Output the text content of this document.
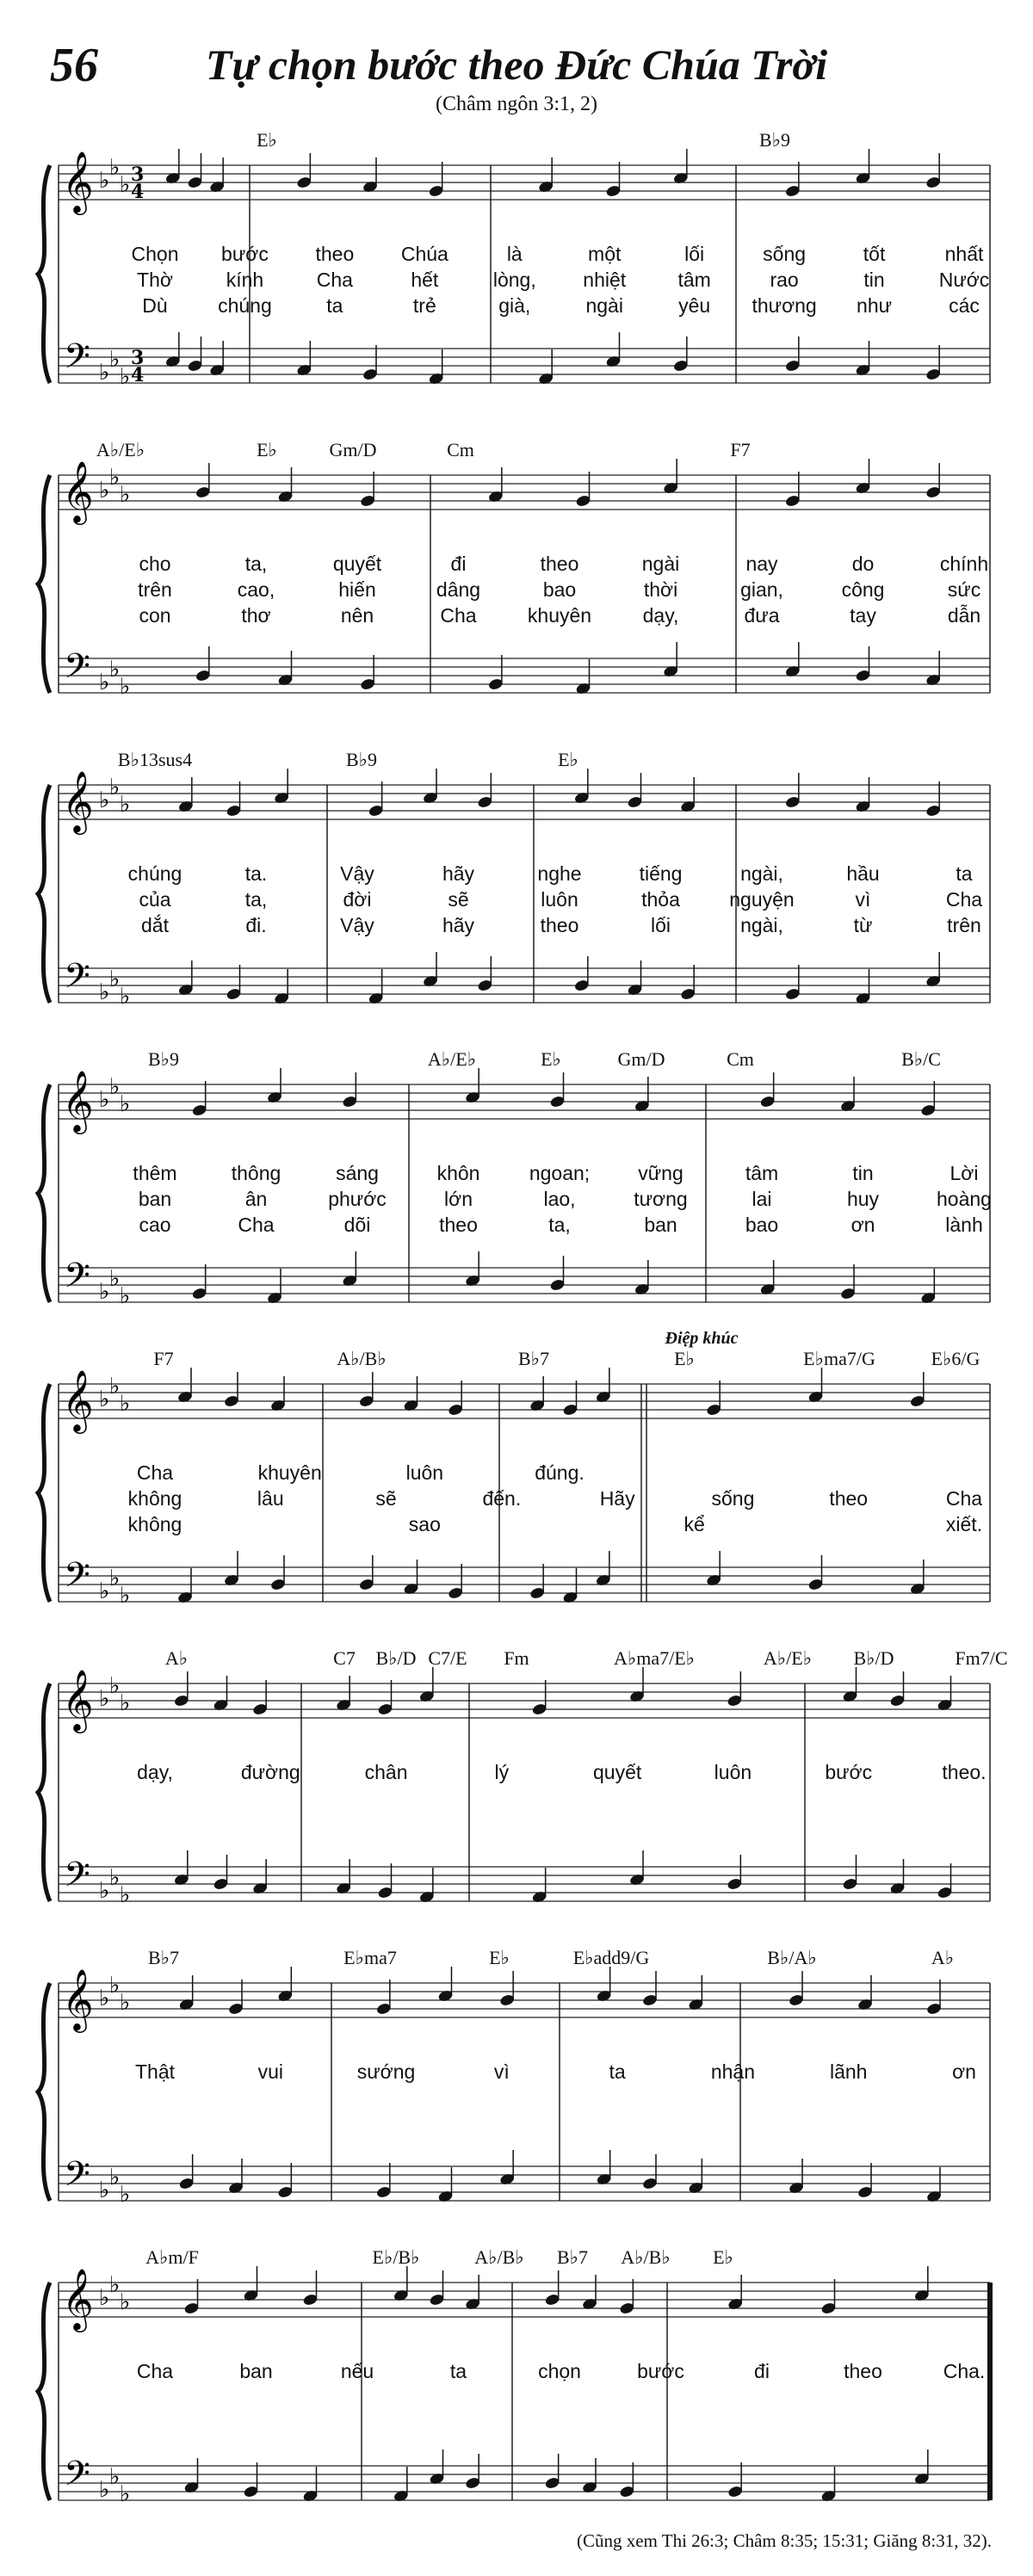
56	Tự chọn bước theo Đức Chúa Trời
(Châm ngôn 3:1, 2)
𝄞
𝄢
♭ ♭
♭
♭ ♭
♭
3
4
3
4
E♭	B♭9
Chọn bước theo Chúa	là	một	lối	sống	tốt	nhất
Thờ	kính	Cha	hết	lòng, nhiệt	tâm	rao	tin	Nước
Dù	chúng	ta	trẻ	già,	ngài	yêu thương như	các
𝄞
𝄢
♭ ♭
♭
♭ ♭
♭
A♭/E♭	E♭	Gm/D	Cm	F7
cho	ta,	quyết	đi	theo	ngài	nay	do	chính
trên	cao,	hiến	dâng	bao	thời	gian,	công	sức
con	thơ	nên	Cha	khuyên	dạy,	đưa	tay	dẫn
𝄞
𝄢
♭ ♭
♭
♭ ♭
♭
B♭13sus4	B♭9	E♭
chúng	ta.	Vậy	hãy	nghe	tiếng	ngài,	hầu	ta
của	ta,	đời	sẽ	luôn	thỏa nguyện	vì	Cha
dắt	đi.	Vậy	hãy	theo	lối	ngài,	từ	trên
𝄞
𝄢
♭ ♭
♭
♭ ♭
♭
B♭9	A♭/E♭	E♭	Gm/D	Cm	B♭/C
thêm	thông	sáng	khôn ngoan; vững	tâm	tin	Lời
ban	ân	phước	lớn	lao,	tương	lai	huy	hoàng
cao	Cha	dõi	theo	ta,	ban	bao	ơn	lành
𝄞
𝄢
♭ ♭
♭
♭ ♭
♭
F7	A♭/B♭	B♭7	E♭	E♭ma7/G	E♭6/G
Điệp khúc
Cha	khuyên	luôn	đúng.
không	lâu	sẽ	đến.	Hãy	sống	theo	Cha
không	sao	kể	xiết.
𝄞
𝄢
♭ ♭
♭
♭ ♭
♭
A♭	C7 B♭/D C7/E Fm	A♭ma7/E♭	A♭/E♭ B♭/D	Fm7/C
dạy,	đường	chân	lý	quyết	luôn	bước	theo.
𝄞
𝄢
♭ ♭
♭
♭ ♭
♭
B♭7	E♭ma7	E♭	E♭add9/G	B♭/A♭	A♭
Thật	vui	sướng	vì	ta	nhận	lãnh	ơn
𝄞
𝄢
♭ ♭
♭
♭ ♭
♭
A♭m/F	E♭/B♭	A♭/B♭ B♭7 A♭/B♭ E♭
Cha	ban	nếu	ta	chọn	bước	đi	theo	Cha.
(Cũng xem Thi 26:3; Châm 8:35; 15:31; Giăng 8:31, 32).
